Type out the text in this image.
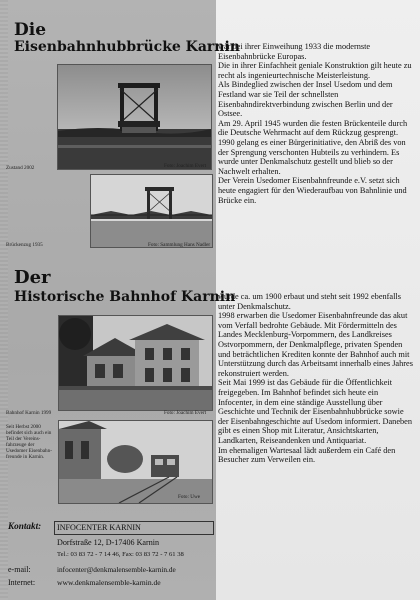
Die
Eisenbahnhubbrücke Karnin

war bei ihrer Einweihung 1933 die modernste Eisenbahnbrücke Europas.

Die in ihrer Einfachheit geniale Konstruktion gilt heute zu recht als ingenieurtechnische Meisterleistung.

Als Bindeglied zwischen der Insel Usedom und dem Festland war sie Teil der schnellsten Eisenbahndirektverbindung zwischen Berlin und der Ostsee.

Am 29. April 1945 wurden die festen Brückenteile durch die Deutsche Wehrmacht auf dem Rückzug gesprengt.

1990 gelang es einer Bürgerinitiative, den Abriß des von der Sprengung verschonten Hubteils zu verhindern. Es wurde unter Denkmalschutz gestellt und blieb so der Nachwelt erhalten.

Der Verein Usedomer Eisenbahnfreunde e.V. setzt sich heute engagiert für den Wiederaufbau von Bahnlinie und Brücke ein.

Zustand 2002	Foto: Joachim Evert
Brückenzug 1935	Foto: Sammlung Hans Nadler
Der
Historische Bahnhof Karnin

wurde ca. um 1900 erbaut und steht seit 1992 ebenfalls unter Denkmalschutz.

1998 erwarben die Usedomer Eisenbahnfreunde das akut vom Verfall bedrohte Gebäude. Mit Fördermitteln des Landes Mecklenburg-Vorpommern, des Landkreises Ostvorpommern, der Denkmalpflege, privaten Spenden und beträchtlichen Krediten konnte der Bahnhof auch mit Unterstützung durch das Arbeitsamt innerhalb eines Jahres rekonstruiert werden.

Seit Mai 1999 ist das Gebäude für die Öffentlichkeit freigegeben. Im Bahnhof befindet sich heute ein Infocenter, in dem eine ständige Ausstellung über Geschichte und Technik der Eisenbahnhubbrücke sowie der Eisenbahngeschichte auf Usedom informiert. Daneben gibt es einen Shop mit Literatur, Ansichtskarten, Landkarten, Reiseandenken und Antiquariat.

Im ehemaligen Wartesaal lädt außerdem ein Café den Besucher zum Verweilen ein.

Bahnhof Karnin 1999	Foto: Joachim Evert
Seit Herbst 2000 befindet sich auch ein Teil der Vereins-fahrzeuge der Usedomer Eisenbahn-freunde in Karnin.
Foto: Uwe
Kontakt: INFOCENTER KARNIN
Dorfstraße 12, D-17406 Karnin
Tel.: 03 83 72 - 7 14 46, Fax: 03 83 72 - 7 61 38
e-mail:	infocenter@denkmalensemble-karnin.de
Internet:	www.denkmalensemble-karnin.de
